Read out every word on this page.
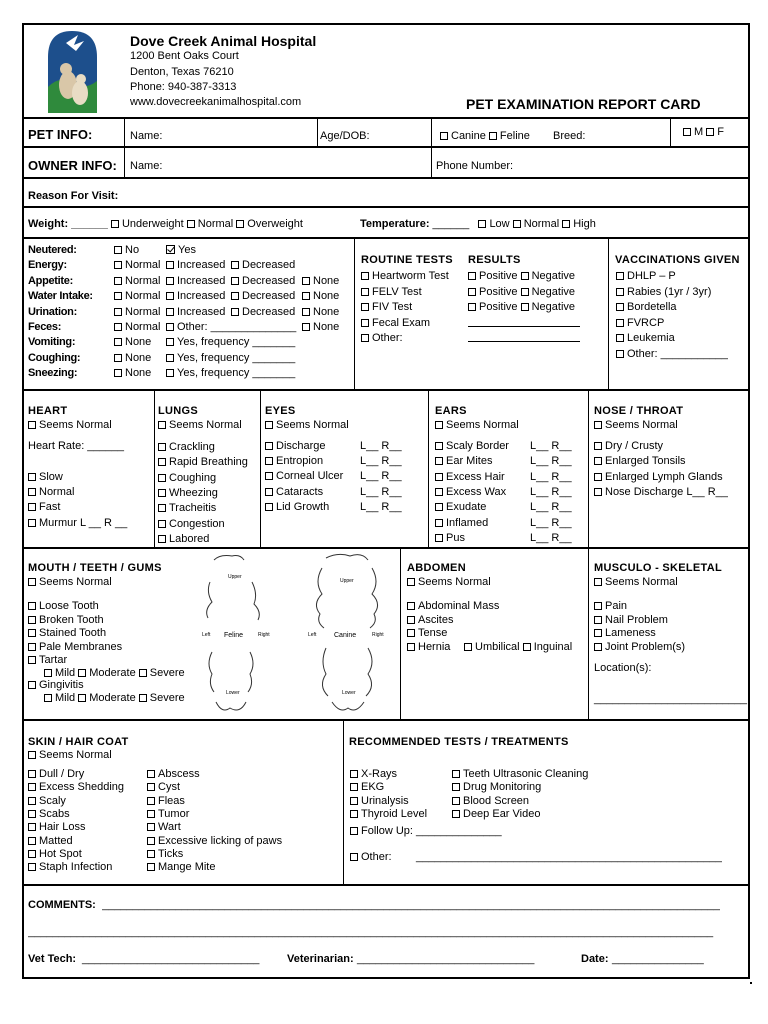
Dove Creek Animal Hospital
1200 Bent Oaks Court
Denton, Texas 76210
Phone: 940-387-3313
www.dovecreekanimalhospital.com	PET EXAMINATION REPORT CARD
PET INFO:	Name:	Age/DOB:	Canine Feline Breed:	M F
OWNER INFO: Name:	Phone Number:
Reason For Visit:
Weight: ______ Underweight Normal Overweight	Temperature: ______ Low Normal High
Neutered:	No	Yes
Energy:	Normal	Increased	Decreased
Appetite:	Normal	Increased	Decreased	None
Water Intake:	Normal	Increased	Decreased	None
Urination:	Normal	Increased	Decreased	None
Feces:	Normal	Other: ______________	None
Vomiting:	None	Yes, frequency _______
Coughing:	None	Yes, frequency _______
Sneezing:	None	Yes, frequency _______
ROUTINE TESTS RESULTS
Heartworm Test	Positive Negative
FELV Test	Positive Negative
FIV Test	Positive Negative
Fecal Exam
Other:
VACCINATIONS GIVEN
DHLP – P
Rabies (1yr / 3yr)
Bordetella
FVRCP
Leukemia
Other: ___________
HEART
Seems Normal
Heart Rate: ______
Slow
Normal
Fast
Murmur L __ R __
LUNGS
Seems Normal
Crackling
Rapid Breathing
Coughing
Wheezing
Tracheitis
Congestion
Labored
EYES
Seems Normal
Discharge	L__ R__
Entropion	L__ R__
Corneal Ulcer L__ R__
Cataracts	L__ R__
Lid Growth	L__ R__
EARS
Seems Normal
Scaly Border L__ R__
Ear Mites	L__ R__
Excess Hair L__ R__
Excess Wax L__ R__
Exudate	L__ R__
Inflamed	L__ R__
Pus	L__ R__
NOSE / THROAT
Seems Normal
Dry / Crusty
Enlarged Tonsils
Enlarged Lymph Glands
Nose Discharge L__ R__
MOUTH / TEETH / GUMS
Seems Normal
Loose Tooth
Broken Tooth
Stained Tooth
Pale Membranes
Tartar
Mild Moderate Severe
Gingivitis
Mild Moderate Severe
ABDOMEN
Seems Normal
Abdominal Mass
Ascites
Tense
Hernia	Umbilical Inguinal
MUSCULO - SKELETAL
Seems Normal
Pain
Nail Problem
Lameness
Joint Problem(s)
Location(s):
_________________________
Upper
Upper
Left Feline	Right	Left	Canine	Right
Lower	Lower
SKIN / HAIR COAT
Seems Normal
Dull / Dry
Excess Shedding
Scaly
Scabs
Hair Loss
Matted
Hot Spot
Staph Infection
Abscess
Cyst
Fleas
Tumor
Wart
Excessive licking of paws
Ticks
Mange Mite
RECOMMENDED TESTS / TREATMENTS
X-Rays
EKG
Urinalysis
Thyroid Level
Teeth Ultrasonic Cleaning
Drug Monitoring
Blood Screen
Deep Ear Video
Follow Up: ______________
Other: __________________________________________________
COMMENTS: _____________________________________________________________________________________________________
________________________________________________________________________________________________________________
Vet Tech: _____________________________	Veterinarian: _____________________________	Date: _______________
